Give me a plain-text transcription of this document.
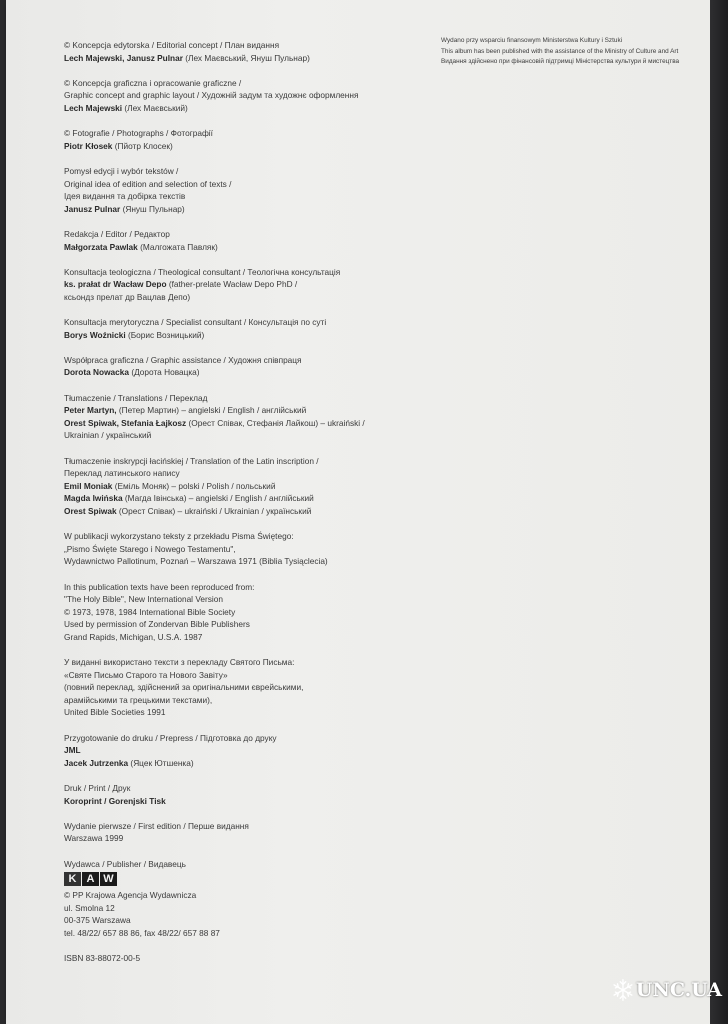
Wydano przy wsparciu finansowym Ministerstwa Kultury i Sztuki
This album has been published with the assistance of the Ministry of Culture and Art
Видання здійснено при фінансовій підтримці Міністерства культури й мистецтва
© Koncepcja edytorska / Editorial concept / План видання
Lech Majewski, Janusz Pulnar (Лех Маєвський, Януш Пульнар)
© Koncepcja graficzna i opracowanie graficzne /
Graphic concept and graphic layout / Художній задум та художнє оформлення
Lech Majewski (Лех Маєвський)
© Fotografie / Photographs / Фотографії
Piotr Kłosek (Пйотр Клосек)
Pomysł edycji i wybór tekstów /
Original idea of edition and selection of texts /
Ідея видання та добірка текстів
Janusz Pulnar (Януш Пульнар)
Redakcja / Editor / Редактор
Małgorzata Pawlak (Малгожата Павляк)
Konsultacja teologiczna / Theological consultant / Теологічна консультація
ks. prałat dr Wacław Depo (father-prelate Wacław Depo PhD /
ксьондз прелат др Вацлав Депо)
Konsultacja merytoryczna / Specialist consultant / Консультація по суті
Borys Woźnicki (Борис Возницький)
Współpraca graficzna / Graphic assistance / Художня співпраця
Dorota Nowacka (Дорота Новацка)
Tłumaczenie / Translations / Переклад
Peter Martyn, (Петер Мартин) – angielski / English / англійський
Orest Spiwak, Stefania Łajkosz (Орест Співак, Стефанія Лайкош) – ukraiński /
Ukrainian / український
Tłumaczenie inskrypcji łacińskiej / Translation of the Latin inscription /
Переклад латинського напису
Emil Moniak (Еміль Моняк) – polski / Polish / польський
Magda Iwińska (Магда Івінська) – angielski / English / англійський
Orest Spiwak (Орест Співак) – ukraiński / Ukrainian / український
W publikacji wykorzystano teksty z przekładu Pisma Świętego:
„Pismo Święte Starego i Nowego Testamentu",
Wydawnictwo Pallotinum, Poznań – Warszawa 1971 (Biblia Tysiąclecia)
In this publication texts have been reproduced from:
"The Holy Bible", New International Version
© 1973, 1978, 1984 International Bible Society
Used by permission of Zondervan Bible Publishers
Grand Rapids, Michigan, U.S.A. 1987
У виданні використано тексти з перекладу Святого Письма:
«Святе Письмо Старого та Нового Завіту»
(повний переклад, здійснений за оригінальними єврейськими,
арамійськими та грецькими текстами),
United Bible Societies 1991
Przygotowanie do druku / Prepress / Підготовка до друку
JML
Jacek Jutrzenka (Яцек Ютшенка)
Druk / Print / Друк
Koroprint / Gorenjski Tisk
Wydanie pierwsze / First edition / Перше видання
Warszawa 1999
Wydawca / Publisher / Видавець
K A W
© PP Krajowa Agencja Wydawnicza
ul. Smolna 12
00-375 Warszawa
tel. 48/22/ 657 88 86, fax 48/22/ 657 88 87
ISBN 83-88072-00-5
UNC.UA
